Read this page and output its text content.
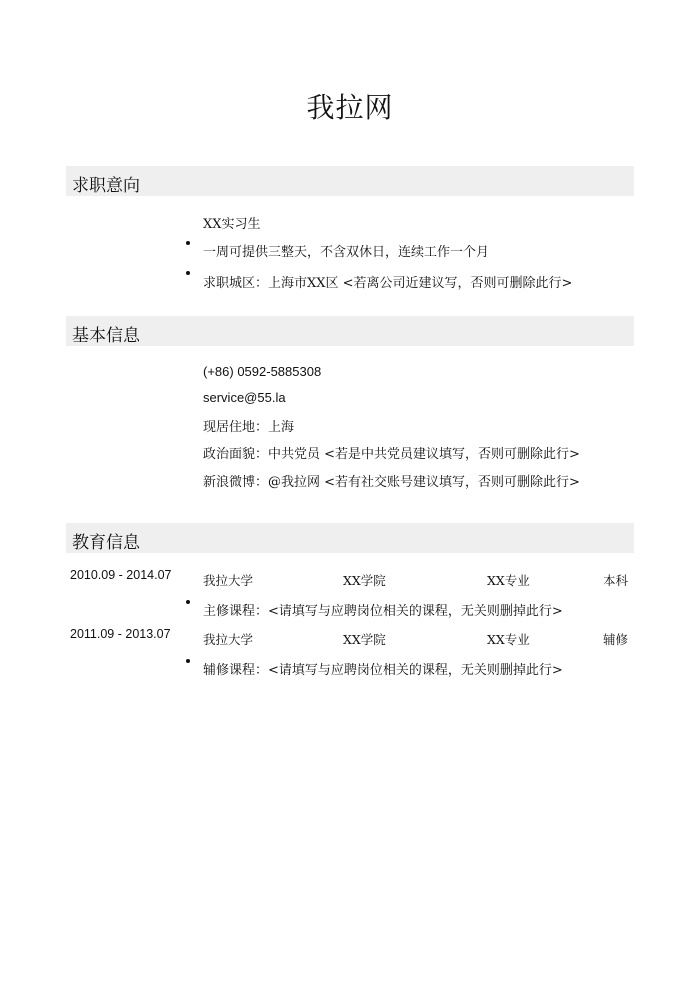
我拉网
求职意向
XX实习生
一周可提供三整天，不含双休日，连续工作一个月
求职城区：上海市XX区 <若离公司近建议写，否则可删除此行>
基本信息
(+86) 0592-5885308
service@55.la
现居住地：上海
政治面貌：中共党员 <若是中共党员建议填写，否则可删除此行>
新浪微博：@我拉网 <若有社交账号建议填写，否则可删除此行>
教育信息
2010.09 - 2014.07	我拉大学	XX学院	XX专业	本科
主修课程：<请填写与应聘岗位相关的课程，无关则删掉此行>
2011.09 - 2013.07	我拉大学	XX学院	XX专业	辅修
辅修课程：<请填写与应聘岗位相关的课程，无关则删掉此行>
